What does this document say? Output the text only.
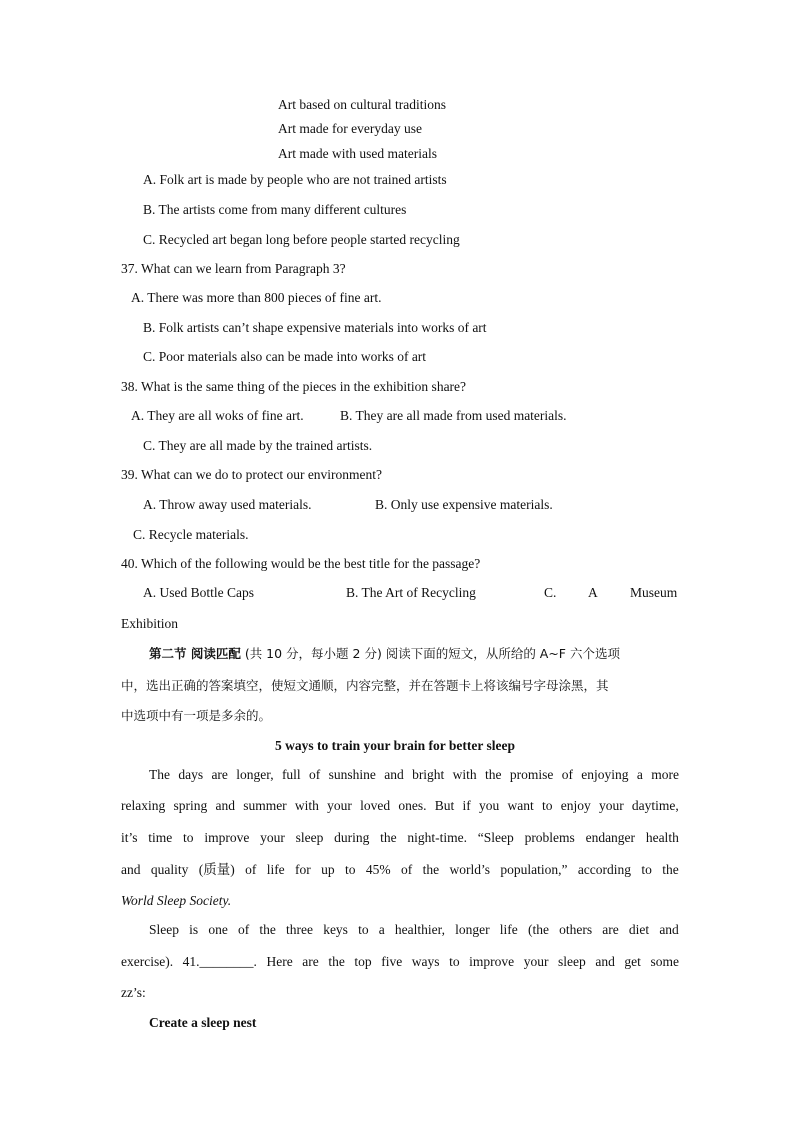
Art based on cultural traditions
Art made for everyday use
Art made with used materials
A. Folk art is made by people who are not trained artists
B. The artists come from many different cultures
C. Recycled art began long before people started recycling
37. What can we learn from Paragraph 3?
A. There was more than 800 pieces of fine art.
B. Folk artists can’t shape expensive materials into works of art
C. Poor materials also can be made into works of art
38. What is the same thing of the pieces in the exhibition share?
A. They are all woks of fine art.	B. They are all made from used materials.
C. They are all made by the trained artists.
39. What can we do to protect our environment?
A. Throw away used materials.	B. Only use expensive materials.
C. Recycle materials.
40. Which of the following would be the best title for the passage?
A. Used Bottle Caps	B. The Art of Recycling	C. A Museum
Exhibition
第二节 阅读匹配 (共 10 分，每小题 2 分) 阅读下面的短文，从所给的 A~F 六个选项
中，选出正确的答案填空，使短文通顺，内容完整，并在答题卡上将该编号字母涂黑，其
中选项中有一项是多余的。
5 ways to train your brain for better sleep
The days are longer, full of sunshine and bright with the promise of enjoying a more
relaxing spring and summer with your loved ones. But if you want to enjoy your daytime,
it’s time to improve your sleep during the night-time. “Sleep problems endanger health
and quality (质量) of life for up to 45% of the world’s population,” according to the
World Sleep Society.
Sleep is one of the three keys to a healthier, longer life (the others are diet and
exercise). 41.________. Here are the top five ways to improve your sleep and get some
zz’s:
Create a sleep nest
